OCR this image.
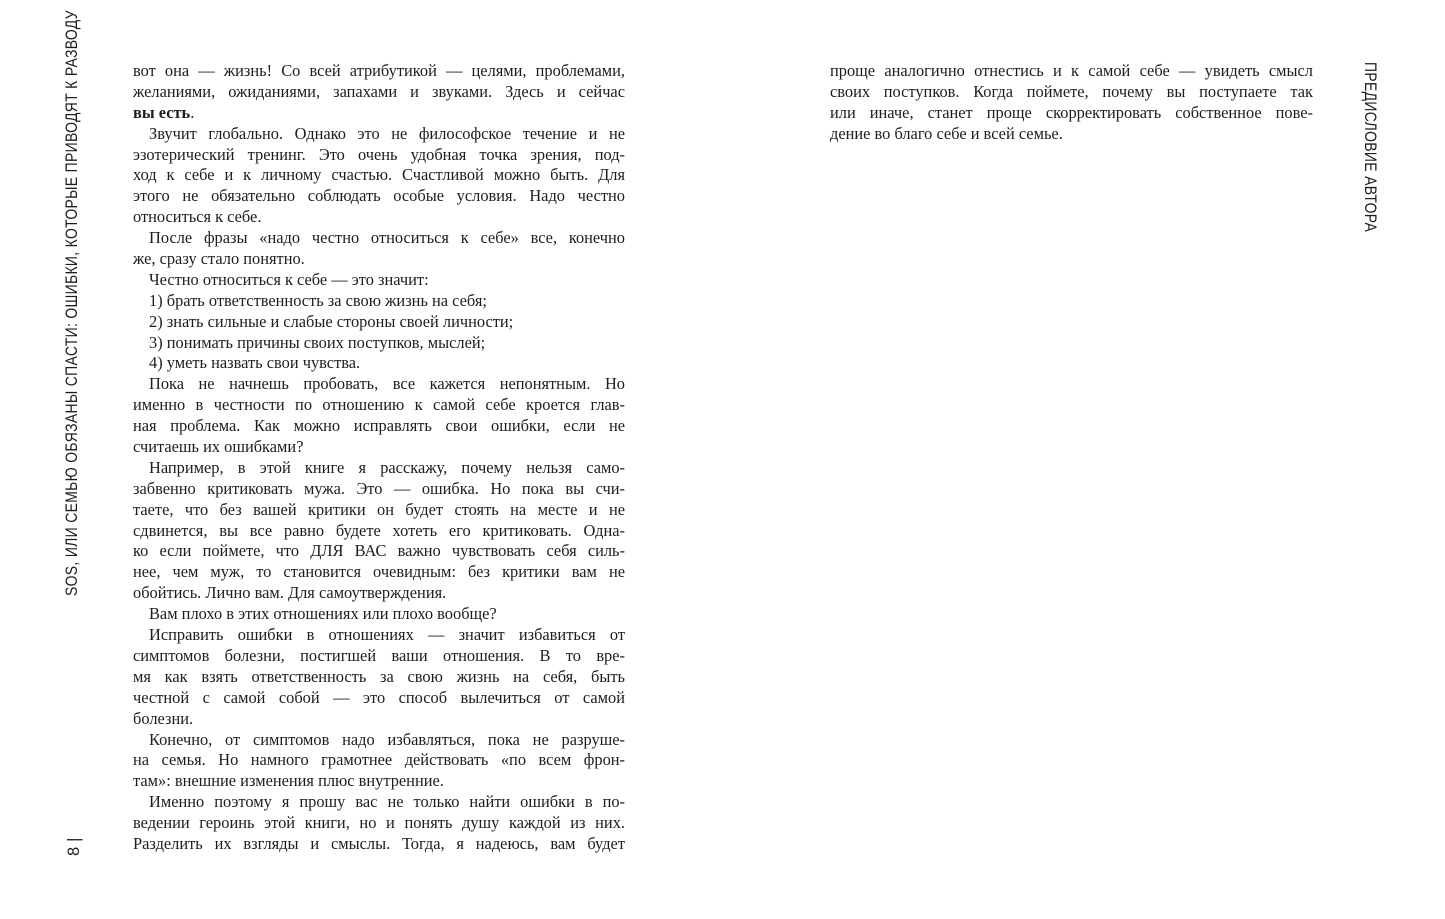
SOS, ИЛИ СЕМЬЮ ОБЯЗАНЫ СПАСТИ: ОШИБКИ, КОТОРЫЕ ПРИВОДЯТ К РАЗВОДУ
8|
вот она — жизнь! Со всей атрибутикой — целями, проблемами,
желаниями, ожиданиями, запахами и звуками. Здесь и сейчас
вы есть.
Звучит глобально. Однако это не философское течение и не
эзотерический тренинг. Это очень удобная точка зрения, под-
ход к себе и к личному счастью. Счастливой можно быть. Для
этого не обязательно соблюдать особые условия. Надо честно
относиться к себе.
После фразы «надо честно относиться к себе» все, конечно
же, сразу стало понятно.
Честно относиться к себе — это значит:
1) брать ответственность за свою жизнь на себя;
2) знать сильные и слабые стороны своей личности;
3) понимать причины своих поступков, мыслей;
4) уметь назвать свои чувства.
Пока не начнешь пробовать, все кажется непонятным. Но
именно в честности по отношению к самой себе кроется глав-
ная проблема. Как можно исправлять свои ошибки, если не
считаешь их ошибками?
Например, в этой книге я расскажу, почему нельзя само-
забвенно критиковать мужа. Это — ошибка. Но пока вы счи-
таете, что без вашей критики он будет стоять на месте и не
сдвинется, вы все равно будете хотеть его критиковать. Одна-
ко если поймете, что ДЛЯ ВАС важно чувствовать себя силь-
нее, чем муж, то становится очевидным: без критики вам не
обойтись. Лично вам. Для самоутверждения.
Вам плохо в этих отношениях или плохо вообще?
Исправить ошибки в отношениях — значит избавиться от
симптомов болезни, постигшей ваши отношения. В то вре-
мя как взять ответственность за свою жизнь на себя, быть
честной с самой собой — это способ вылечиться от самой
болезни.
Конечно, от симптомов надо избавляться, пока не разруше-
на семья. Но намного грамотнее действовать «по всем фрон-
там»: внешние изменения плюс внутренние.
Именно поэтому я прошу вас не только найти ошибки в по-
ведении героинь этой книги, но и понять душу каждой из них.
Разделить их взгляды и смыслы. Тогда, я надеюсь, вам будет
проще аналогично отнестись и к самой себе — увидеть смысл
своих поступков. Когда поймете, почему вы поступаете так
или иначе, станет проще скорректировать собственное пове-
дение во благо себе и всей семье.	ПРЕДИСЛОВИЕ АВТОРА
